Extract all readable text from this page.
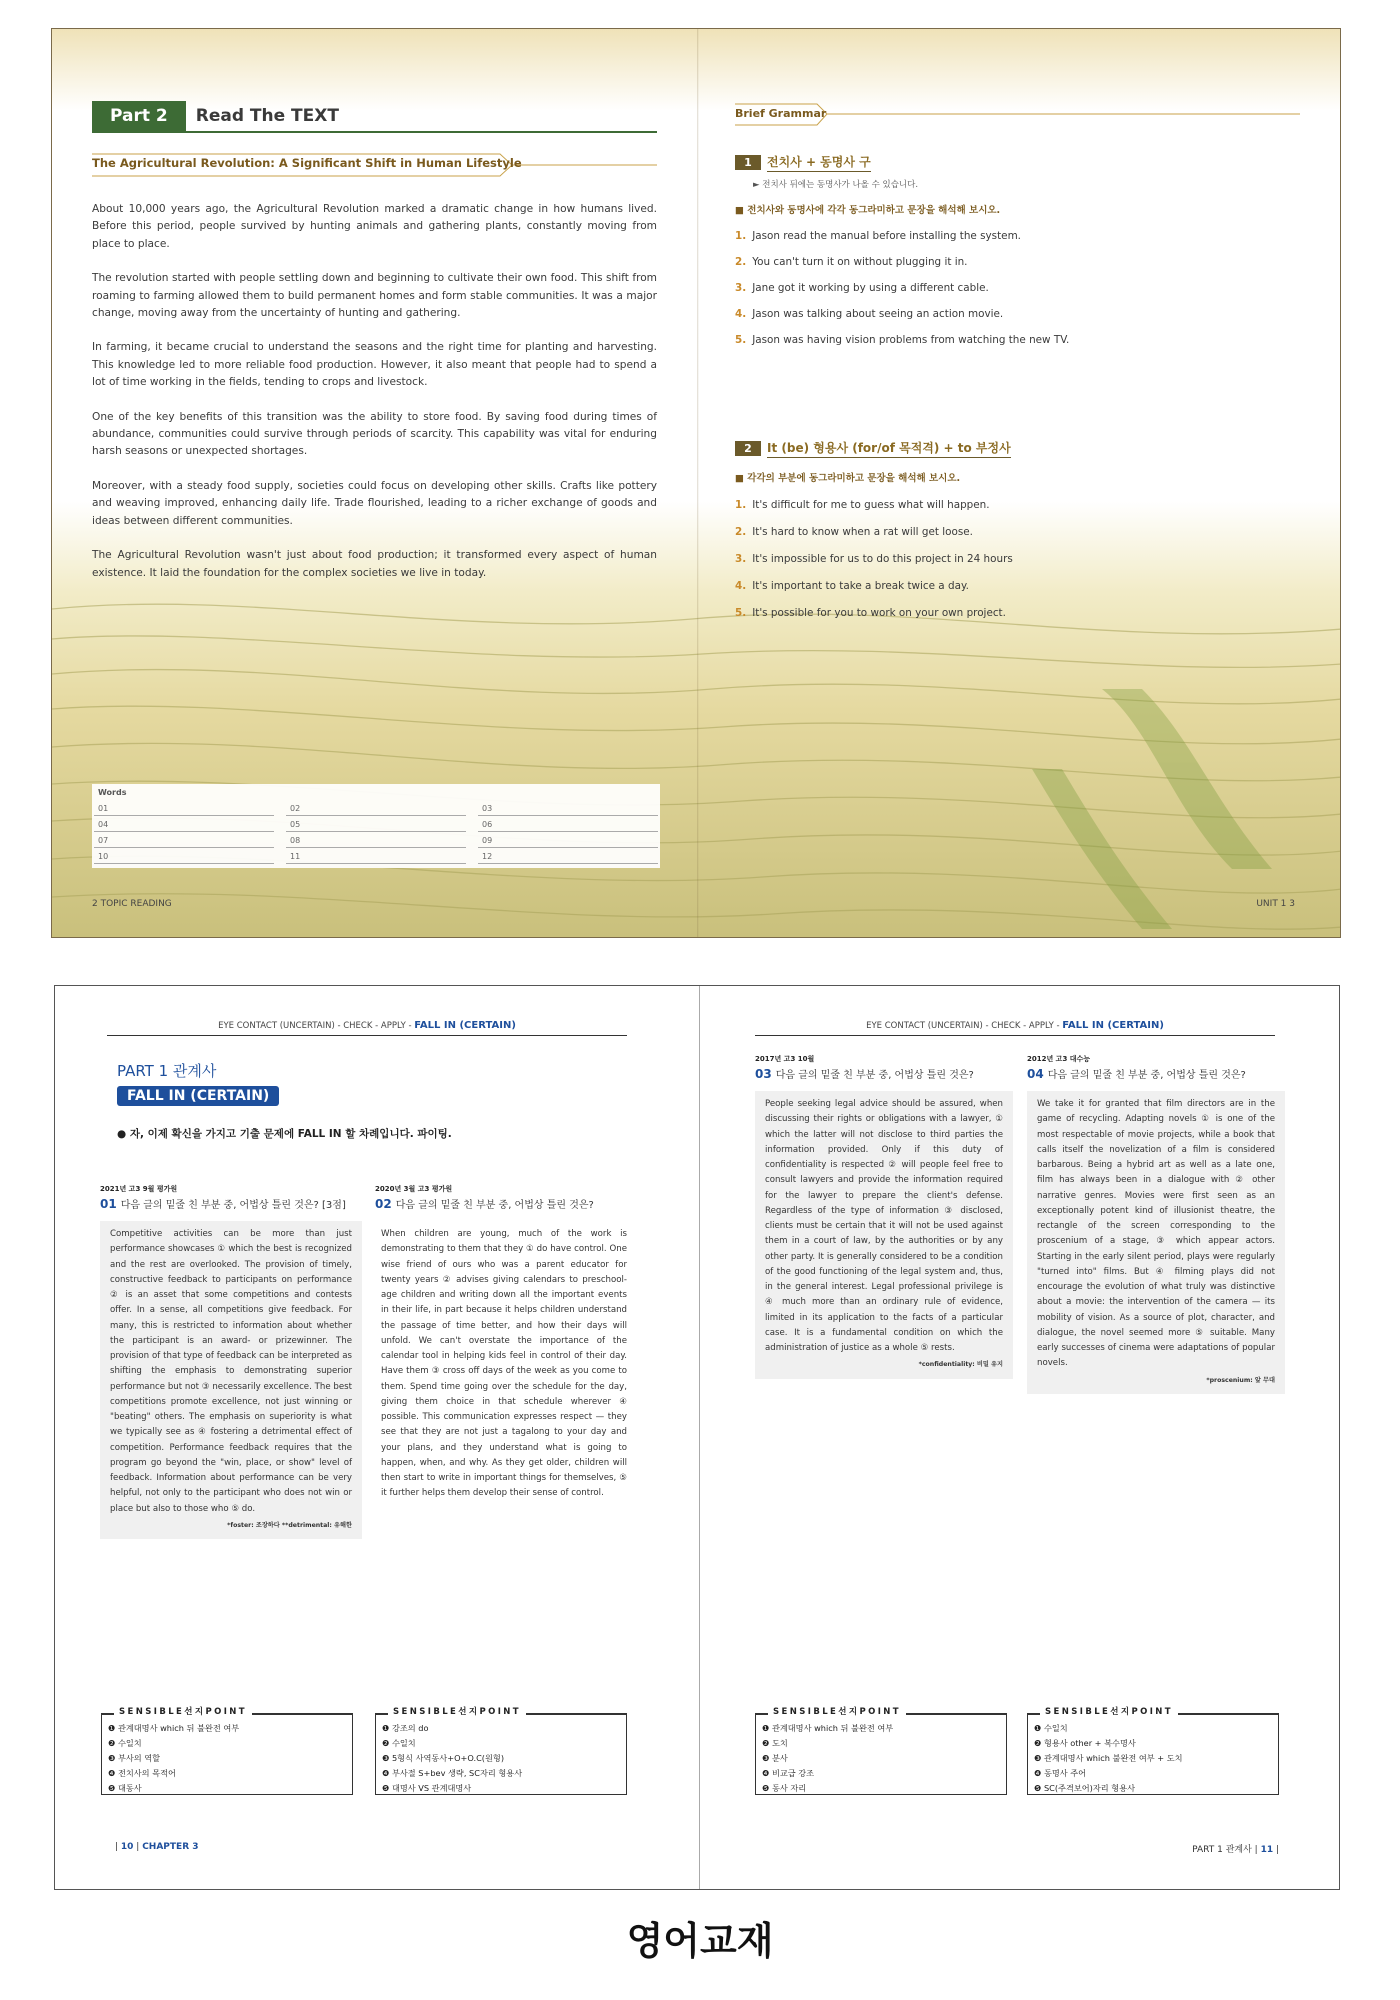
Part 2	Read The TEXT
The Agricultural Revolution: A Significant Shift in Human Lifestyle

About 10,000 years ago, the Agricultural Revolution marked a dramatic change in how humans lived. Before this period, people survived by hunting animals and gathering plants, constantly moving from place to place.

The revolution started with people settling down and beginning to cultivate their own food. This shift from roaming to farming allowed them to build permanent homes and form stable communities. It was a major change, moving away from the uncertainty of hunting and gathering.

In farming, it became crucial to understand the seasons and the right time for planting and harvesting. This knowledge led to more reliable food production. However, it also meant that people had to spend a lot of time working in the fields, tending to crops and livestock.

One of the key benefits of this transition was the ability to store food. By saving food during times of abundance, communities could survive through periods of scarcity. This capability was vital for enduring harsh seasons or unexpected shortages.

Moreover, with a steady food supply, societies could focus on developing other skills. Crafts like pottery and weaving improved, enhancing daily life. Trade flourished, leading to a richer exchange of goods and ideas between different communities.

The Agricultural Revolution wasn't just about food production; it transformed every aspect of human existence. It laid the foundation for the complex societies we live in today.

Words
01	02	03
04	05	06
07	08	09
10	11	12
2 TOPIC READING
Brief Grammar
1	전치사 + 동명사 구
► 전치사 뒤에는 동명사가 나올 수 있습니다.
■ 전치사와 동명사에 각각 동그라미하고 문장을 해석해 보시오.
1. Jason read the manual before installing the system.
2. You can't turn it on without plugging it in.
3. Jane got it working by using a different cable.
4. Jason was talking about seeing an action movie.
5. Jason was having vision problems from watching the new TV.
2	It (be) 형용사 (for/of 목적격) + to 부정사
■ 각각의 부분에 동그라미하고 문장을 해석해 보시오.
1. It's difficult for me to guess what will happen.
2. It's hard to know when a rat will get loose.
3. It's impossible for us to do this project in 24 hours
4. It's important to take a break twice a day.
5. It's possible for you to work on your own project.
UNIT 1 3
EYE CONTACT (UNCERTAIN) - CHECK - APPLY - FALL IN (CERTAIN)
PART 1 관계사
FALL IN (CERTAIN)
● 자, 이제 확신을 가지고 기출 문제에 FALL IN 할 차례입니다. 파이팅.
2021년 고3 9월 평가원
01 다음 글의 밑줄 친 부분 중, 어법상 틀린 것은? [3점]
Competitive activities can be more than just performance showcases ① which the best is recognized and the rest are overlooked. The provision of timely, constructive feedback to participants on performance ② is an asset that some competitions and contests offer. In a sense, all competitions give feedback. For many, this is restricted to information about whether the participant is an award- or prizewinner. The provision of that type of feedback can be interpreted as shifting the emphasis to demonstrating superior performance but not ③ necessarily excellence. The best competitions promote excellence, not just winning or "beating" others. The emphasis on superiority is what we typically see as ④ fostering a detrimental effect of competition. Performance feedback requires that the program go beyond the "win, place, or show" level of feedback. Information about performance can be very helpful, not only to the participant who does not win or place but also to those who ⑤ do.
*foster: 조장하다 **detrimental: 유해한
2020년 3월 고3 평가원
02 다음 글의 밑줄 친 부분 중, 어법상 틀린 것은?
When children are young, much of the work is demonstrating to them that they ① do have control. One wise friend of ours who was a parent educator for twenty years ② advises giving calendars to preschool-age children and writing down all the important events in their life, in part because it helps children understand the passage of time better, and how their days will unfold. We can't overstate the importance of the calendar tool in helping kids feel in control of their day. Have them ③ cross off days of the week as you come to them. Spend time going over the schedule for the day, giving them choice in that schedule wherever ④ possible. This communication expresses respect — they see that they are not just a tagalong to your day and your plans, and they understand what is going to happen, when, and why. As they get older, children will then start to write in important things for themselves, ⑤ it further helps them develop their sense of control.
SENSIBLE선지POINT
❶ 관계대명사 which 뒤 불완전 여부
❷ 수일치
❸ 부사의 역할
❹ 전치사의 목적어
❺ 대동사
SENSIBLE선지POINT
❶ 강조의 do
❷ 수일치
❸ 5형식 사역동사+O+O.C(원형)
❹ 부사절 S+bev 생략, SC자리 형용사
❺ 대명사 VS 관계대명사
| 10 | CHAPTER 3
EYE CONTACT (UNCERTAIN) - CHECK - APPLY - FALL IN (CERTAIN)
2017년 고3 10월
03 다음 글의 밑줄 친 부분 중, 어법상 틀린 것은?
People seeking legal advice should be assured, when discussing their rights or obligations with a lawyer, ① which the latter will not disclose to third parties the information provided. Only if this duty of confidentiality is respected ② will people feel free to consult lawyers and provide the information required for the lawyer to prepare the client's defense. Regardless of the type of information ③ disclosed, clients must be certain that it will not be used against them in a court of law, by the authorities or by any other party. It is generally considered to be a condition of the good functioning of the legal system and, thus, in the general interest. Legal professional privilege is ④ much more than an ordinary rule of evidence, limited in its application to the facts of a particular case. It is a fundamental condition on which the administration of justice as a whole ⑤ rests.
*confidentiality: 비밀 유지
2012년 고3 대수능
04 다음 글의 밑줄 친 부분 중, 어법상 틀린 것은?
We take it for granted that film directors are in the game of recycling. Adapting novels ① is one of the most respectable of movie projects, while a book that calls itself the novelization of a film is considered barbarous. Being a hybrid art as well as a late one, film has always been in a dialogue with ② other narrative genres. Movies were first seen as an exceptionally potent kind of illusionist theatre, the rectangle of the screen corresponding to the proscenium of a stage, ③ which appear actors. Starting in the early silent period, plays were regularly "turned into" films. But ④ filming plays did not encourage the evolution of what truly was distinctive about a movie: the intervention of the camera — its mobility of vision. As a source of plot, character, and dialogue, the novel seemed more ⑤ suitable. Many early successes of cinema were adaptations of popular novels.
*proscenium: 앞 무대
SENSIBLE선지POINT
❶ 관계대명사 which 뒤 불완전 여부
❷ 도치
❸ 분사
❹ 비교급 강조
❺ 동사 자리
SENSIBLE선지POINT
❶ 수일치
❷ 형용사 other + 복수명사
❸ 관계대명사 which 불완전 여부 + 도치
❹ 동명사 주어
❺ SC(주격보어)자리 형용사
PART 1 관계사 | 11 |
영어교재
